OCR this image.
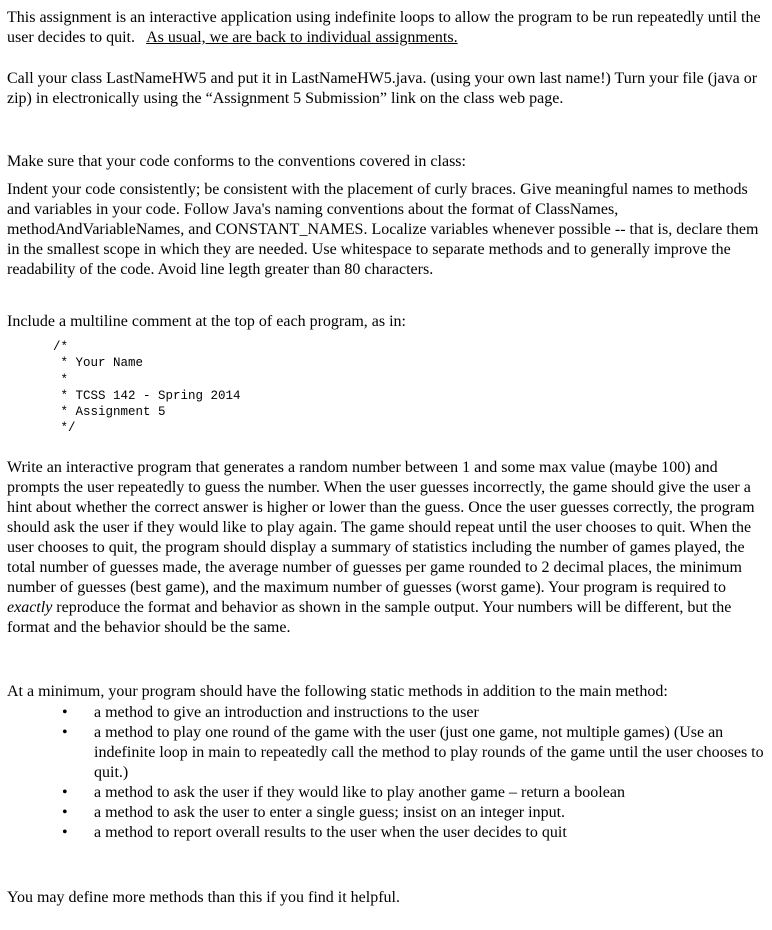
This assignment is an interactive application using indefinite loops to allow the program to be run repeatedly until the user decides to quit. As usual, we are back to individual assignments.

Call your class LastNameHW5 and put it in LastNameHW5.java. (using your own last name!) Turn your file (java or zip) in electronically using the “Assignment 5 Submission” link on the class web page.

Make sure that your code conforms to the conventions covered in class:

Indent your code consistently; be consistent with the placement of curly braces. Give meaningful names to methods and variables in your code. Follow Java's naming conventions about the format of ClassNames, methodAndVariableNames, and CONSTANT_NAMES. Localize variables whenever possible -- that is, declare them in the smallest scope in which they are needed. Use whitespace to separate methods and to generally improve the readability of the code. Avoid line legth greater than 80 characters.

Include a multiline comment at the top of each program, as in:

/*
* Your Name
*
* TCSS 142 - Spring 2014
* Assignment 5
*/

Write an interactive program that generates a random number between 1 and some max value (maybe 100) and prompts the user repeatedly to guess the number. When the user guesses incorrectly, the game should give the user a hint about whether the correct answer is higher or lower than the guess. Once the user guesses correctly, the program should ask the user if they would like to play again. The game should repeat until the user chooses to quit. When the user chooses to quit, the program should display a summary of statistics including the number of games played, the total number of guesses made, the average number of guesses per game rounded to 2 decimal places, the minimum number of guesses (best game), and the maximum number of guesses (worst game). Your program is required to exactly reproduce the format and behavior as shown in the sample output. Your numbers will be different, but the format and the behavior should be the same.

At a minimum, your program should have the following static methods in addition to the main method:

• a method to give an introduction and instructions to the user
• a method to play one round of the game with the user (just one game, not multiple games) (Use an indefinite loop in main to repeatedly call the method to play rounds of the game until the user chooses to quit.)
• a method to ask the user if they would like to play another game – return a boolean
• a method to ask the user to enter a single guess; insist on an integer input.
• a method to report overall results to the user when the user decides to quit

You may define more methods than this if you find it helpful.
